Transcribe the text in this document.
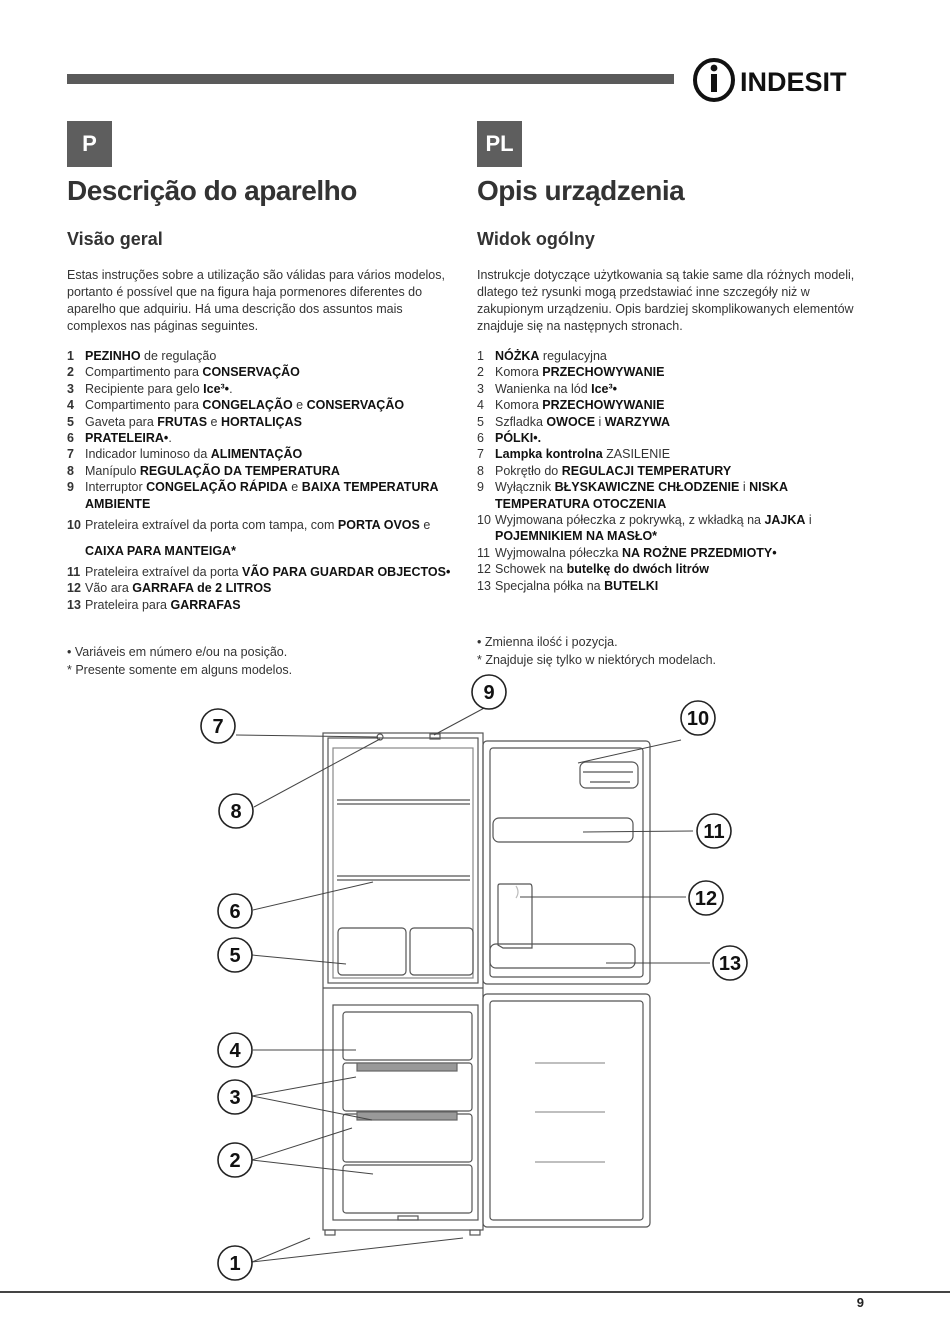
INDESIT
P
Descrição do aparelho
Visão geral

Estas instruções sobre a utilização são válidas para vários modelos, portanto é possível que na figura haja pormenores diferentes do aparelho que adquiriu. Há uma descrição dos assuntos mais complexos nas páginas seguintes.

1 PEZINHO de regulação
2 Compartimento para CONSERVAÇÃO
3 Recipiente para gelo Ice³•.
4 Compartimento para CONGELAÇÃO e CONSERVAÇÃO
5 Gaveta para FRUTAS e HORTALIÇAS
6 PRATELEIRA•.
7 Indicador luminoso da ALIMENTAÇÃO
8 Manípulo REGULAÇÃO DA TEMPERATURA
9 Interruptor CONGELAÇÃO RÁPIDA e BAIXA TEMPERATURA AMBIENTE
10 Prateleira extraível da porta com tampa, com PORTA OVOS e CAIXA PARA MANTEIGA*
11 Prateleira extraível da porta VÃO PARA GUARDAR OBJECTOS•
12 Vão ara GARRAFA de 2 LITROS
13 Prateleira para GARRAFAS
• Variáveis em número e/ou na posição.
* Presente somente em alguns modelos.
PL
Opis urządzenia
Widok ogólny

Instrukcje dotyczące użytkowania są takie same dla różnych modeli, dlatego też rysunki mogą przedstawiać inne szczegóły niż w zakupionym urządzeniu. Opis bardziej skomplikowanych elementów znajduje się na następnych stronach.

1 NÓŻKA regulacyjna
2 Komora PRZECHOWYWANIE
3 Wanienka na lód Ice³•
4 Komora PRZECHOWYWANIE
5 Szfladka OWOCE i WARZYWA
6 PÓLKI•.
7 Lampka kontrolna ZASILENIE
8 Pokrętło do REGULACJI TEMPERATURY
9 Wyłącznik BŁYSKAWICZNE CHŁODZENIE i NISKA TEMPERATURA OTOCZENIA
10 Wyjmowana półeczka z pokrywką, z wkładką na JAJKA i POJEMNIKIEM NA MASŁO*
11 Wyjmowalna półeczka NA ROŻNE PRZEDMIOTY•
12 Schowek na butelkę do dwóch litrów
13 Specjalna półka na BUTELKI
• Zmienna ilość i pozycja.
* Znajduje się tylko w niektórych modelach.
1
2
3
4
5
6
7
8
9
10
11
12
13
9
